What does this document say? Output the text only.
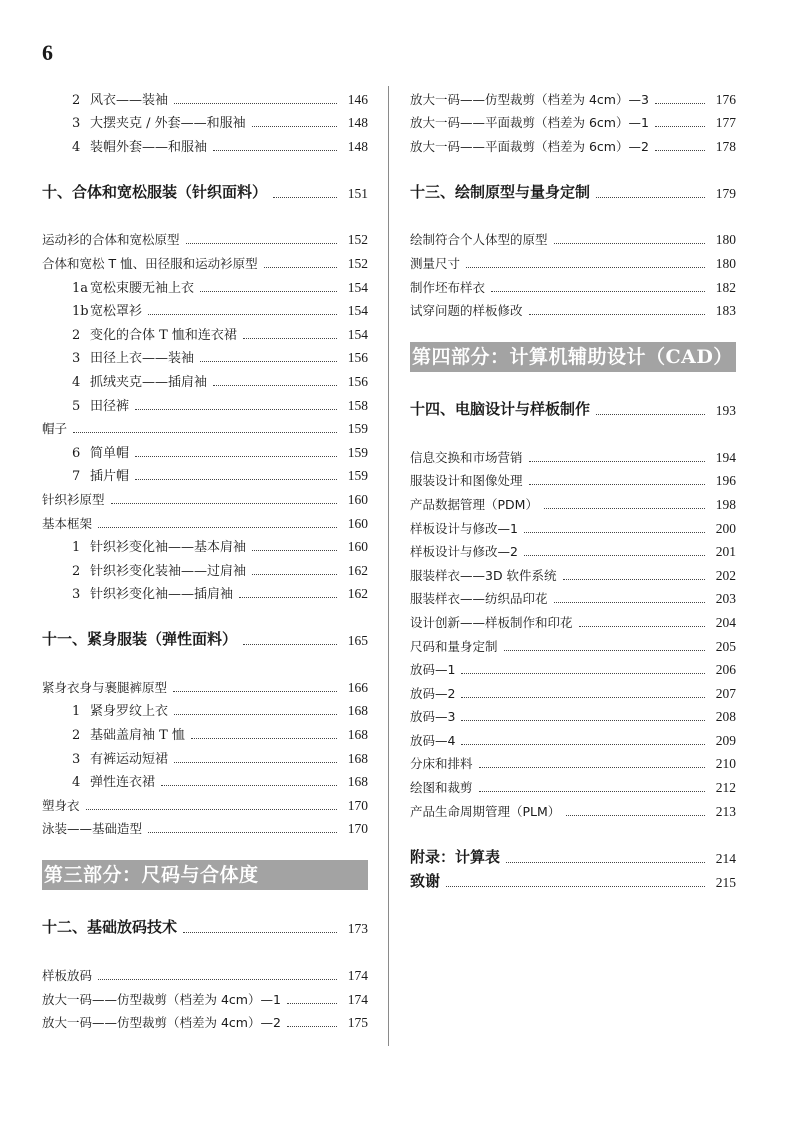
6
2 风衣——装袖	146
3 大摆夹克 / 外套——和服袖	148
4 装帽外套——和服袖	148
十、合体和宽松服装（针织面料）	151
运动衫的合体和宽松原型	152
合体和宽松 T 恤、田径服和运动衫原型	152
1a 宽松束腰无袖上衣	154
1b 宽松罩衫	154
2 变化的合体 T 恤和连衣裙	154
3 田径上衣——装袖	156
4 抓绒夹克——插肩袖	156
5 田径裤	158
帽子	159
6 简单帽	159
7 插片帽	159
针织衫原型	160
基本框架	160
1 针织衫变化袖——基本肩袖	160
2 针织衫变化装袖——过肩袖	162
3 针织衫变化袖——插肩袖	162
十一、紧身服装（弹性面料）	165
紧身衣身与裹腿裤原型	166
1 紧身罗纹上衣	168
2 基础盖肩袖 T 恤	168
3 有裤运动短裙	168
4 弹性连衣裙	168
塑身衣	170
泳装——基础造型	170
第三部分：尺码与合体度
十二、基础放码技术	173
样板放码	174
放大一码——仿型裁剪（档差为 4cm）—1	174
放大一码——仿型裁剪（档差为 4cm）—2	175
放大一码——仿型裁剪（档差为 4cm）—3	176
放大一码——平面裁剪（档差为 6cm）—1	177
放大一码——平面裁剪（档差为 6cm）—2	178
十三、绘制原型与量身定制	179
绘制符合个人体型的原型	180
测量尺寸	180
制作坯布样衣	182
试穿问题的样板修改	183
第四部分：计算机辅助设计（CAD）
十四、电脑设计与样板制作	193
信息交换和市场营销	194
服装设计和图像处理	196
产品数据管理（PDM）	198
样板设计与修改—1	200
样板设计与修改—2	201
服装样衣——3D 软件系统	202
服装样衣——纺织品印花	203
设计创新——样板制作和印花	204
尺码和量身定制	205
放码—1	206
放码—2	207
放码—3	208
放码—4	209
分床和排料	210
绘图和裁剪	212
产品生命周期管理（PLM）	213
附录：计算表	214
致谢	215
